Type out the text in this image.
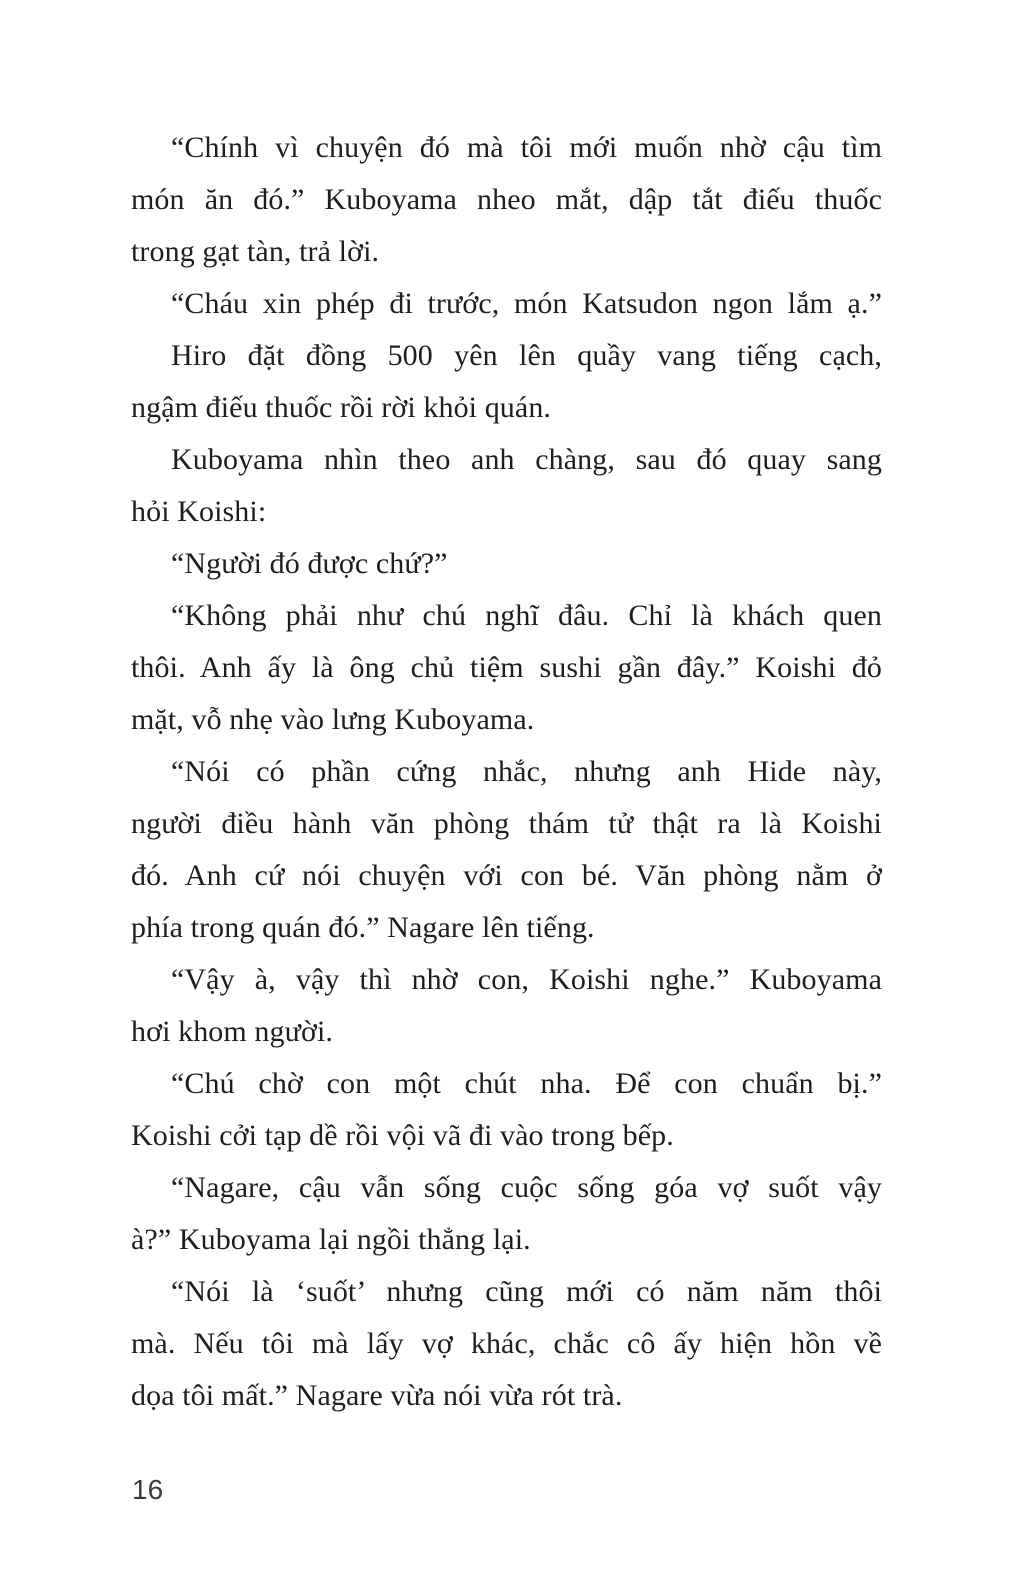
“Chính vì chuyện đó mà tôi mới muốn nhờ cậu tìm
món ăn đó.” Kuboyama nheo mắt, dập tắt điếu thuốc
trong gạt tàn, trả lời.

“Cháu xin phép đi trước, món Katsudon ngon lắm ạ.”

Hiro đặt đồng 500 yên lên quầy vang tiếng cạch,
ngậm điếu thuốc rồi rời khỏi quán.

Kuboyama nhìn theo anh chàng, sau đó quay sang
hỏi Koishi:

“Người đó được chứ?”

“Không phải như chú nghĩ đâu. Chỉ là khách quen
thôi. Anh ấy là ông chủ tiệm sushi gần đây.” Koishi đỏ
mặt, vỗ nhẹ vào lưng Kuboyama.

“Nói có phần cứng nhắc, nhưng anh Hide này,
người điều hành văn phòng thám tử thật ra là Koishi
đó. Anh cứ nói chuyện với con bé. Văn phòng nằm ở
phía trong quán đó.” Nagare lên tiếng.

“Vậy à, vậy thì nhờ con, Koishi nghe.” Kuboyama
hơi khom người.

“Chú chờ con một chút nha. Để con chuẩn bị.”
Koishi cởi tạp dề rồi vội vã đi vào trong bếp.

“Nagare, cậu vẫn sống cuộc sống góa vợ suốt vậy
à?” Kuboyama lại ngồi thẳng lại.

“Nói là ‘suốt’ nhưng cũng mới có năm năm thôi
mà. Nếu tôi mà lấy vợ khác, chắc cô ấy hiện hồn về
dọa tôi mất.” Nagare vừa nói vừa rót trà.

16
